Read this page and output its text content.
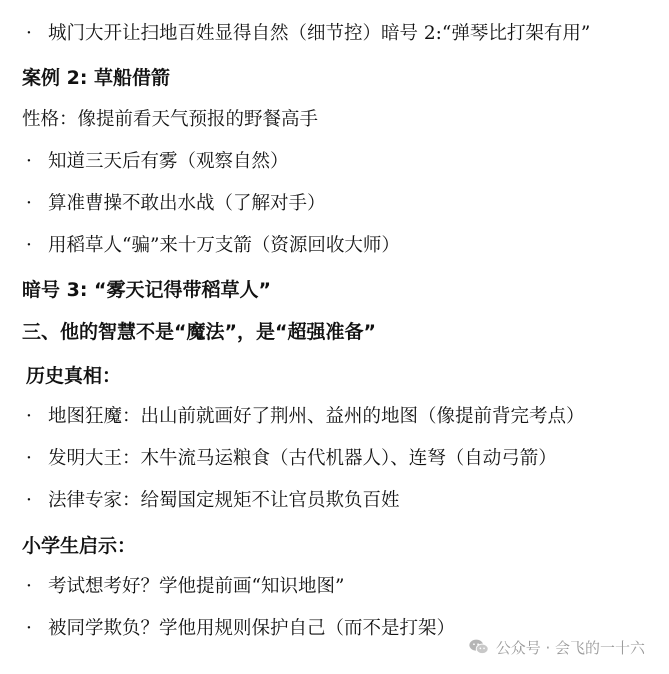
· 城门大开让扫地百姓显得自然（细节控）暗号 2:“弹琴比打架有用”
案例 2: 草船借箭
性格：像提前看天气预报的野餐高手
· 知道三天后有雾（观察自然）
· 算准曹操不敢出水战（了解对手）
· 用稻草人“骗”来十万支箭（资源回收大师）
暗号 3: “雾天记得带稻草人”
三、他的智慧不是“魔法”，是“超强准备”
历史真相：
· 地图狂魔：出山前就画好了荆州、益州的地图（像提前背完考点）
· 发明大王：木牛流马运粮食（古代机器人）、连弩（自动弓箭）
· 法律专家：给蜀国定规矩不让官员欺负百姓
小学生启示：
· 考试想考好？学他提前画“知识地图”
· 被同学欺负？学他用规则保护自己（而不是打架）
公众号 · 会飞的一十六
